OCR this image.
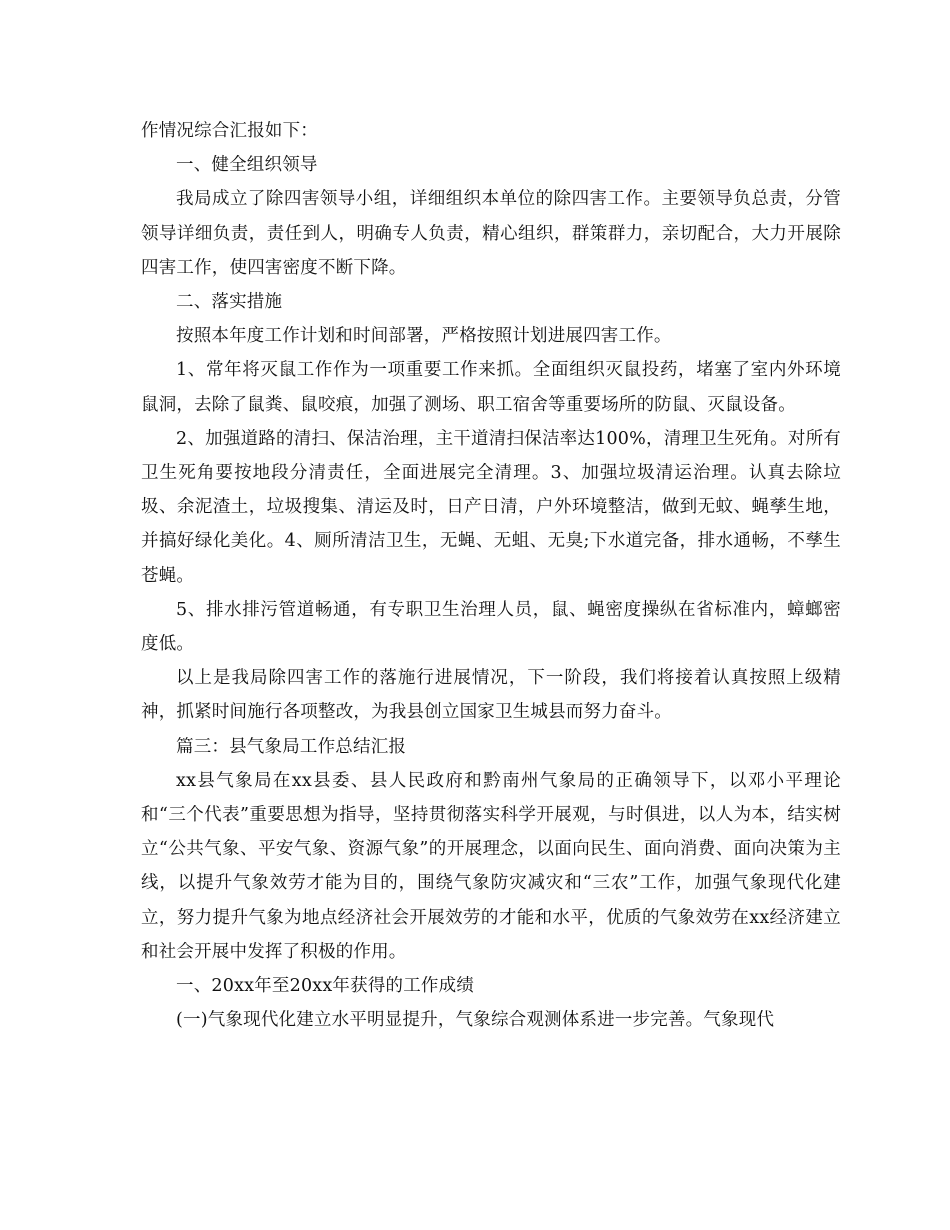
作情况综合汇报如下：

一、健全组织领导

我局成立了除四害领导小组，详细组织本单位的除四害工作。主要领导负总责，分管领导详细负责，责任到人，明确专人负责，精心组织，群策群力，亲切配合，大力开展除四害工作，使四害密度不断下降。

二、落实措施

按照本年度工作计划和时间部署，严格按照计划进展四害工作。

1、常年将灭鼠工作作为一项重要工作来抓。全面组织灭鼠投药，堵塞了室内外环境鼠洞，去除了鼠粪、鼠咬痕，加强了测场、职工宿舍等重要场所的防鼠、灭鼠设备。

2、加强道路的清扫、保洁治理，主干道清扫保洁率达100%，清理卫生死角。对所有卫生死角要按地段分清责任，全面进展完全清理。3、加强垃圾清运治理。认真去除垃圾、余泥渣土，垃圾搜集、清运及时，日产日清，户外环境整洁，做到无蚊、蝇孳生地，并搞好绿化美化。4、厕所清洁卫生，无蝇、无蛆、无臭;下水道完备，排水通畅，不孳生苍蝇。

5、排水排污管道畅通，有专职卫生治理人员，鼠、蝇密度操纵在省标准内，蟑螂密度低。

以上是我局除四害工作的落施行进展情况，下一阶段，我们将接着认真按照上级精神，抓紧时间施行各项整改，为我县创立国家卫生城县而努力奋斗。

篇三：县气象局工作总结汇报

xx县气象局在xx县委、县人民政府和黔南州气象局的正确领导下，以邓小平理论和“三个代表”重要思想为指导，坚持贯彻落实科学开展观，与时俱进，以人为本，结实树立“公共气象、平安气象、资源气象”的开展理念，以面向民生、面向消费、面向决策为主线，以提升气象效劳才能为目的，围绕气象防灾减灾和“三农”工作，加强气象现代化建立，努力提升气象为地点经济社会开展效劳的才能和水平，优质的气象效劳在xx经济建立和社会开展中发挥了积极的作用。

一、20xx年至20xx年获得的工作成绩

(一)气象现代化建立水平明显提升，气象综合观测体系进一步完善。气象现代
